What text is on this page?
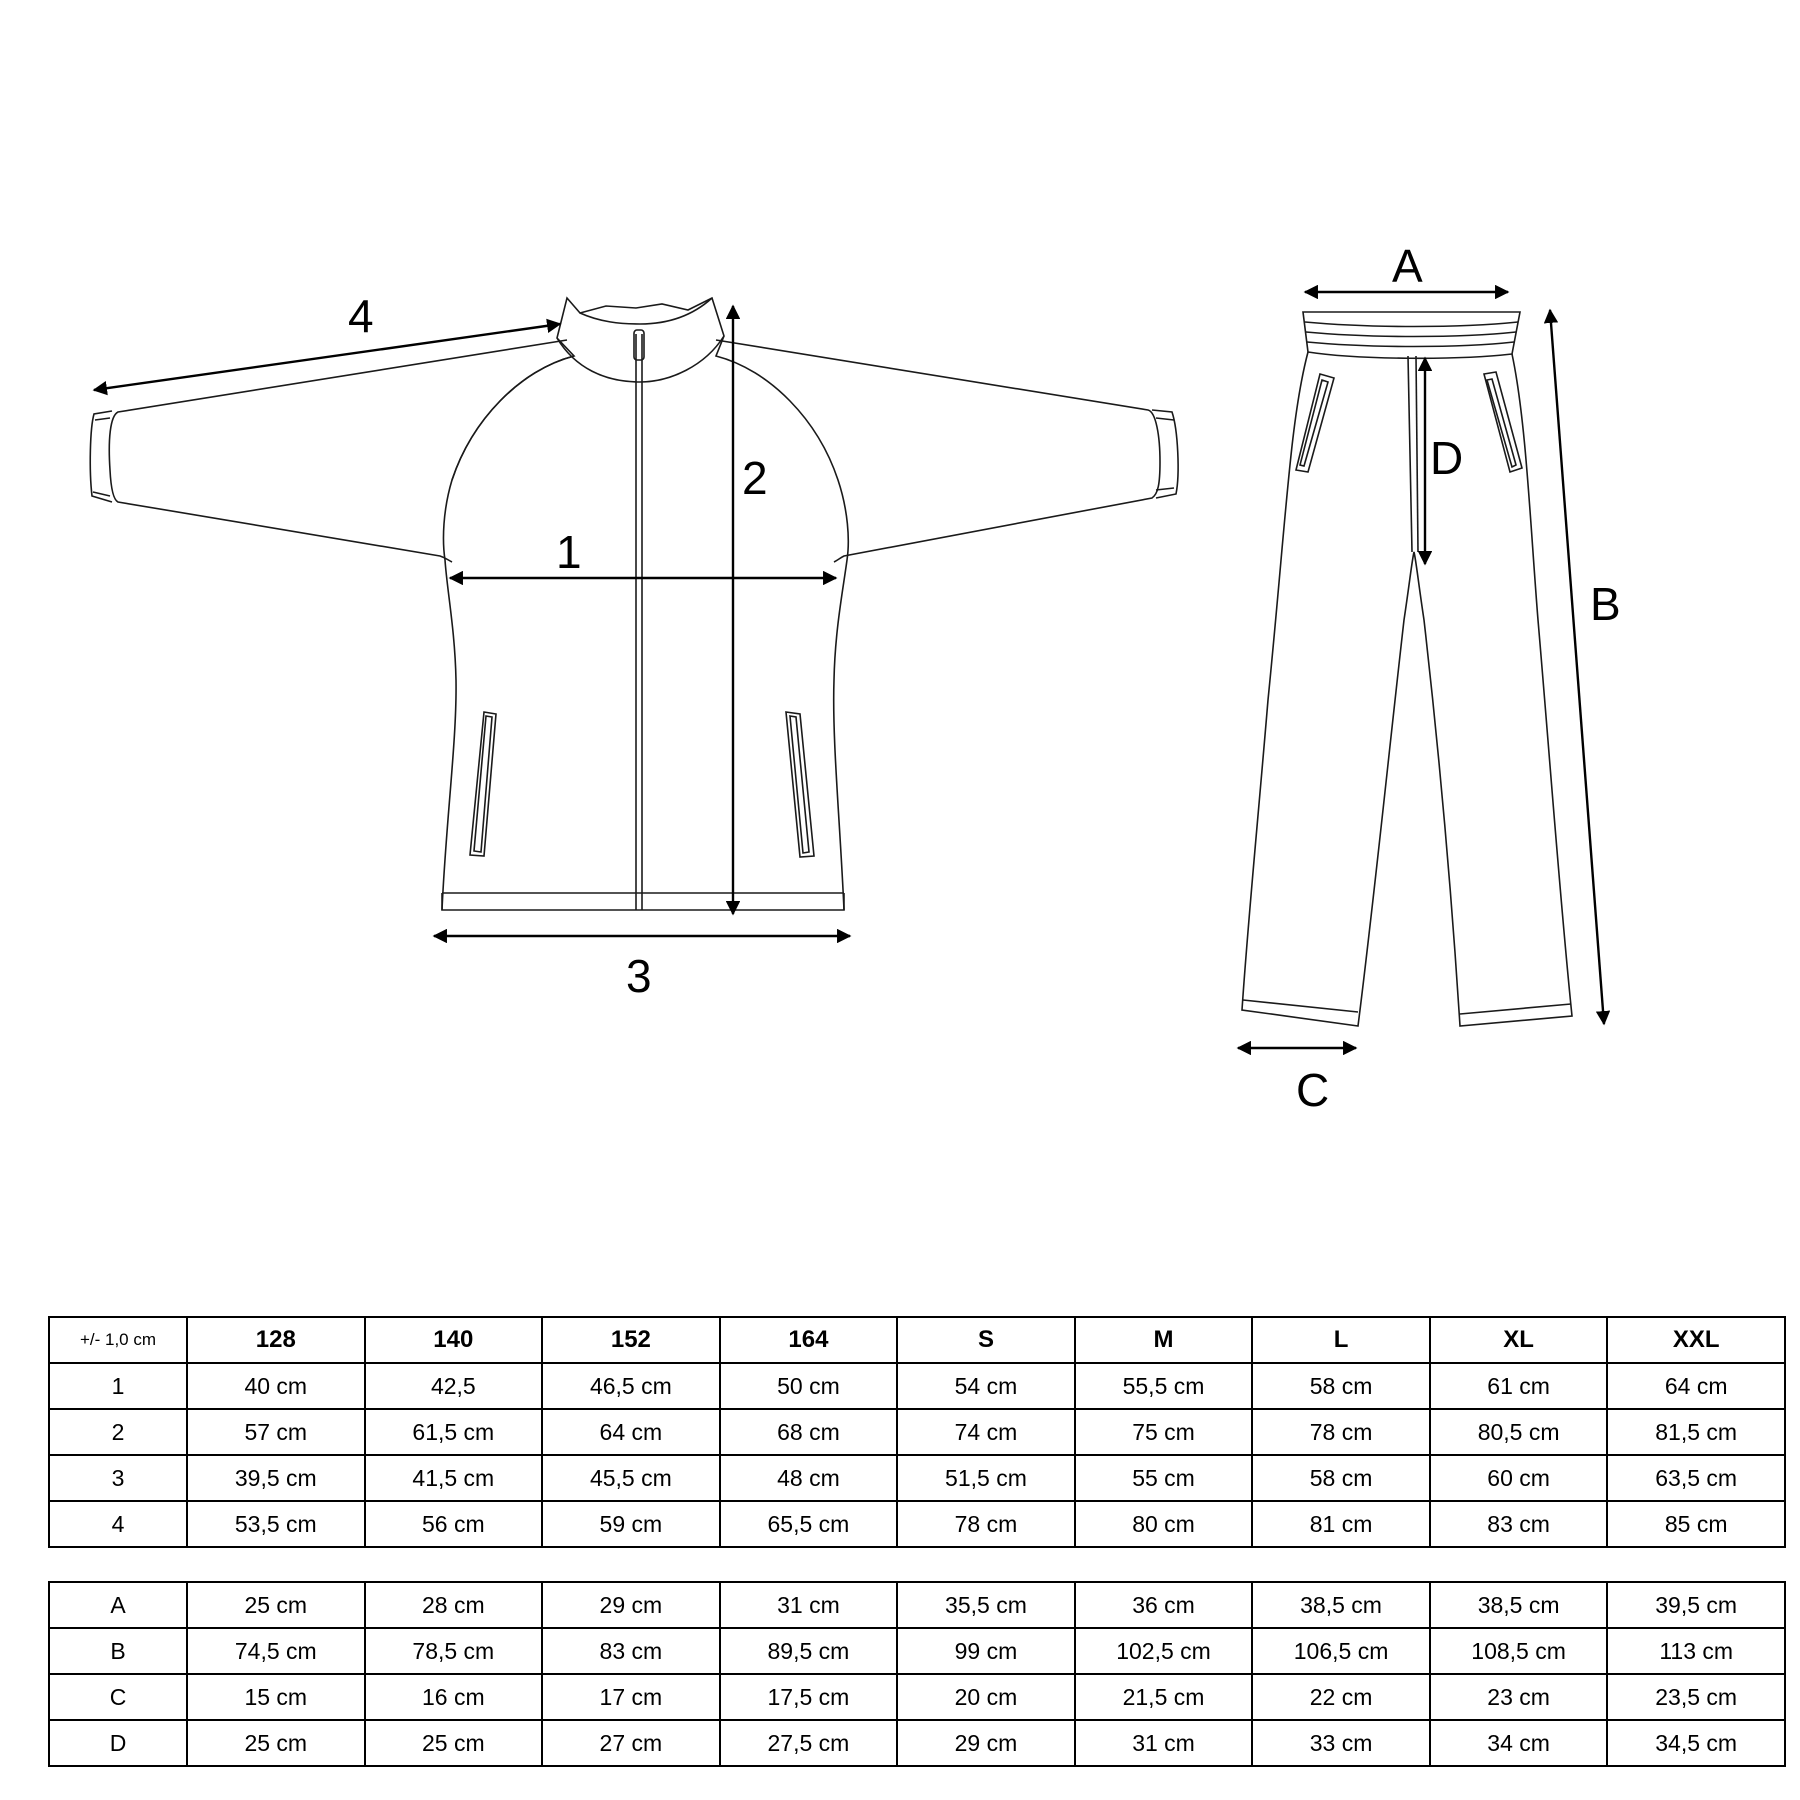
1
2
3
4
A
B
C
D
+/- 1,0 cm	128	140	152	164	S	M	L	XL	XXL
1	40 cm	42,5	46,5 cm	50 cm	54 cm	55,5 cm	58 cm	61 cm	64 cm
2	57 cm	61,5 cm	64 cm	68 cm	74 cm	75 cm	78 cm	80,5 cm	81,5 cm
3	39,5 cm	41,5 cm	45,5 cm	48 cm	51,5 cm	55 cm	58 cm	60 cm	63,5 cm
4	53,5 cm	56 cm	59 cm	65,5 cm	78 cm	80 cm	81 cm	83 cm	85 cm
A	25 cm	28 cm	29 cm	31 cm	35,5 cm	36 cm	38,5 cm	38,5 cm	39,5 cm
B	74,5 cm	78,5 cm	83 cm	89,5 cm	99 cm	102,5 cm	106,5 cm	108,5 cm	113 cm
C	15 cm	16 cm	17 cm	17,5 cm	20 cm	21,5 cm	22 cm	23 cm	23,5 cm
D	25 cm	25 cm	27 cm	27,5 cm	29 cm	31 cm	33 cm	34 cm	34,5 cm
